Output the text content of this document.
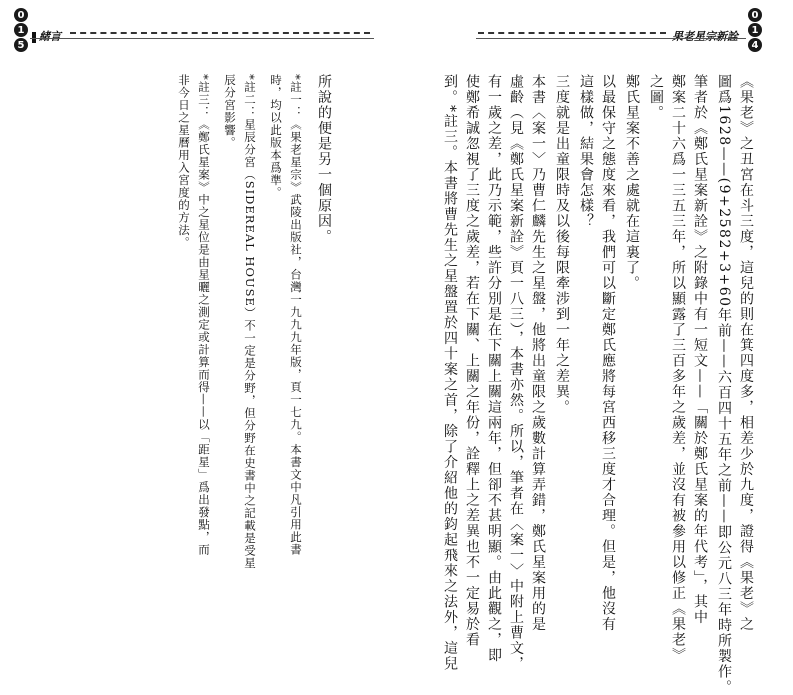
0
1
5
緒言
所說的便是另一個原因。
*註一：《果老星宗》武陵出版社，台灣一九九九年版，頁一七九。本書文中凡引用此書
時，均以此版本爲準。
*註二：星辰分宮（SIDEREAL HOUSE）不一定是分野，但分野在史書中之記載是受星
辰分宮影響。
*註三：《鄭氏星案》中之星位是由星曬之測定或計算而得——以「距星」爲出發點，而
非今日之星曆用入宮度的方法。
0
1
4
果老星宗新詮
《果老》之丑宮在斗三度，這兒的則在箕四度多，相差少於九度，證得《果老》之
圖爲1628——(9+2582+3+60年前——六百四十五年之前——即公元八三年時所製作。
筆者於《鄭氏星案新詮》之附錄中有一短文——「關於鄭氏星案的年代考」，其中
鄭案二十六爲一三五三年，所以顯露了三百多年之歲差，並沒有被參用以修正《果老》
之圖。
鄭氏星案不善之處就在這裏了。
以最保守之態度來看，我們可以斷定鄭氏應將每宮西移三度才合理。但是，他沒有
這樣做，結果會怎樣？
三度就是出童限時及以後每限牽涉到一年之差異。
本書〈案一〉乃曹仁麟先生之星盤，他將出童限之歲數計算弄錯，鄭氏星案用的是
虛齡（見《鄭氏星案新詮》頁一八三），本書亦然。所以，筆者在〈案一〉中附上曹文，
有一歲之差，此乃示範，些許分別是在下關上關這兩年，但卻不甚明顯。由此觀之，即
使鄭希誠忽視了三度之歲差，若在下關、上關之年份，詮釋上之差異也不一定易於看
到。*註三。本書將曹先生之星盤置於四十案之首，除了介紹他的鈞起飛來之法外，這兒
